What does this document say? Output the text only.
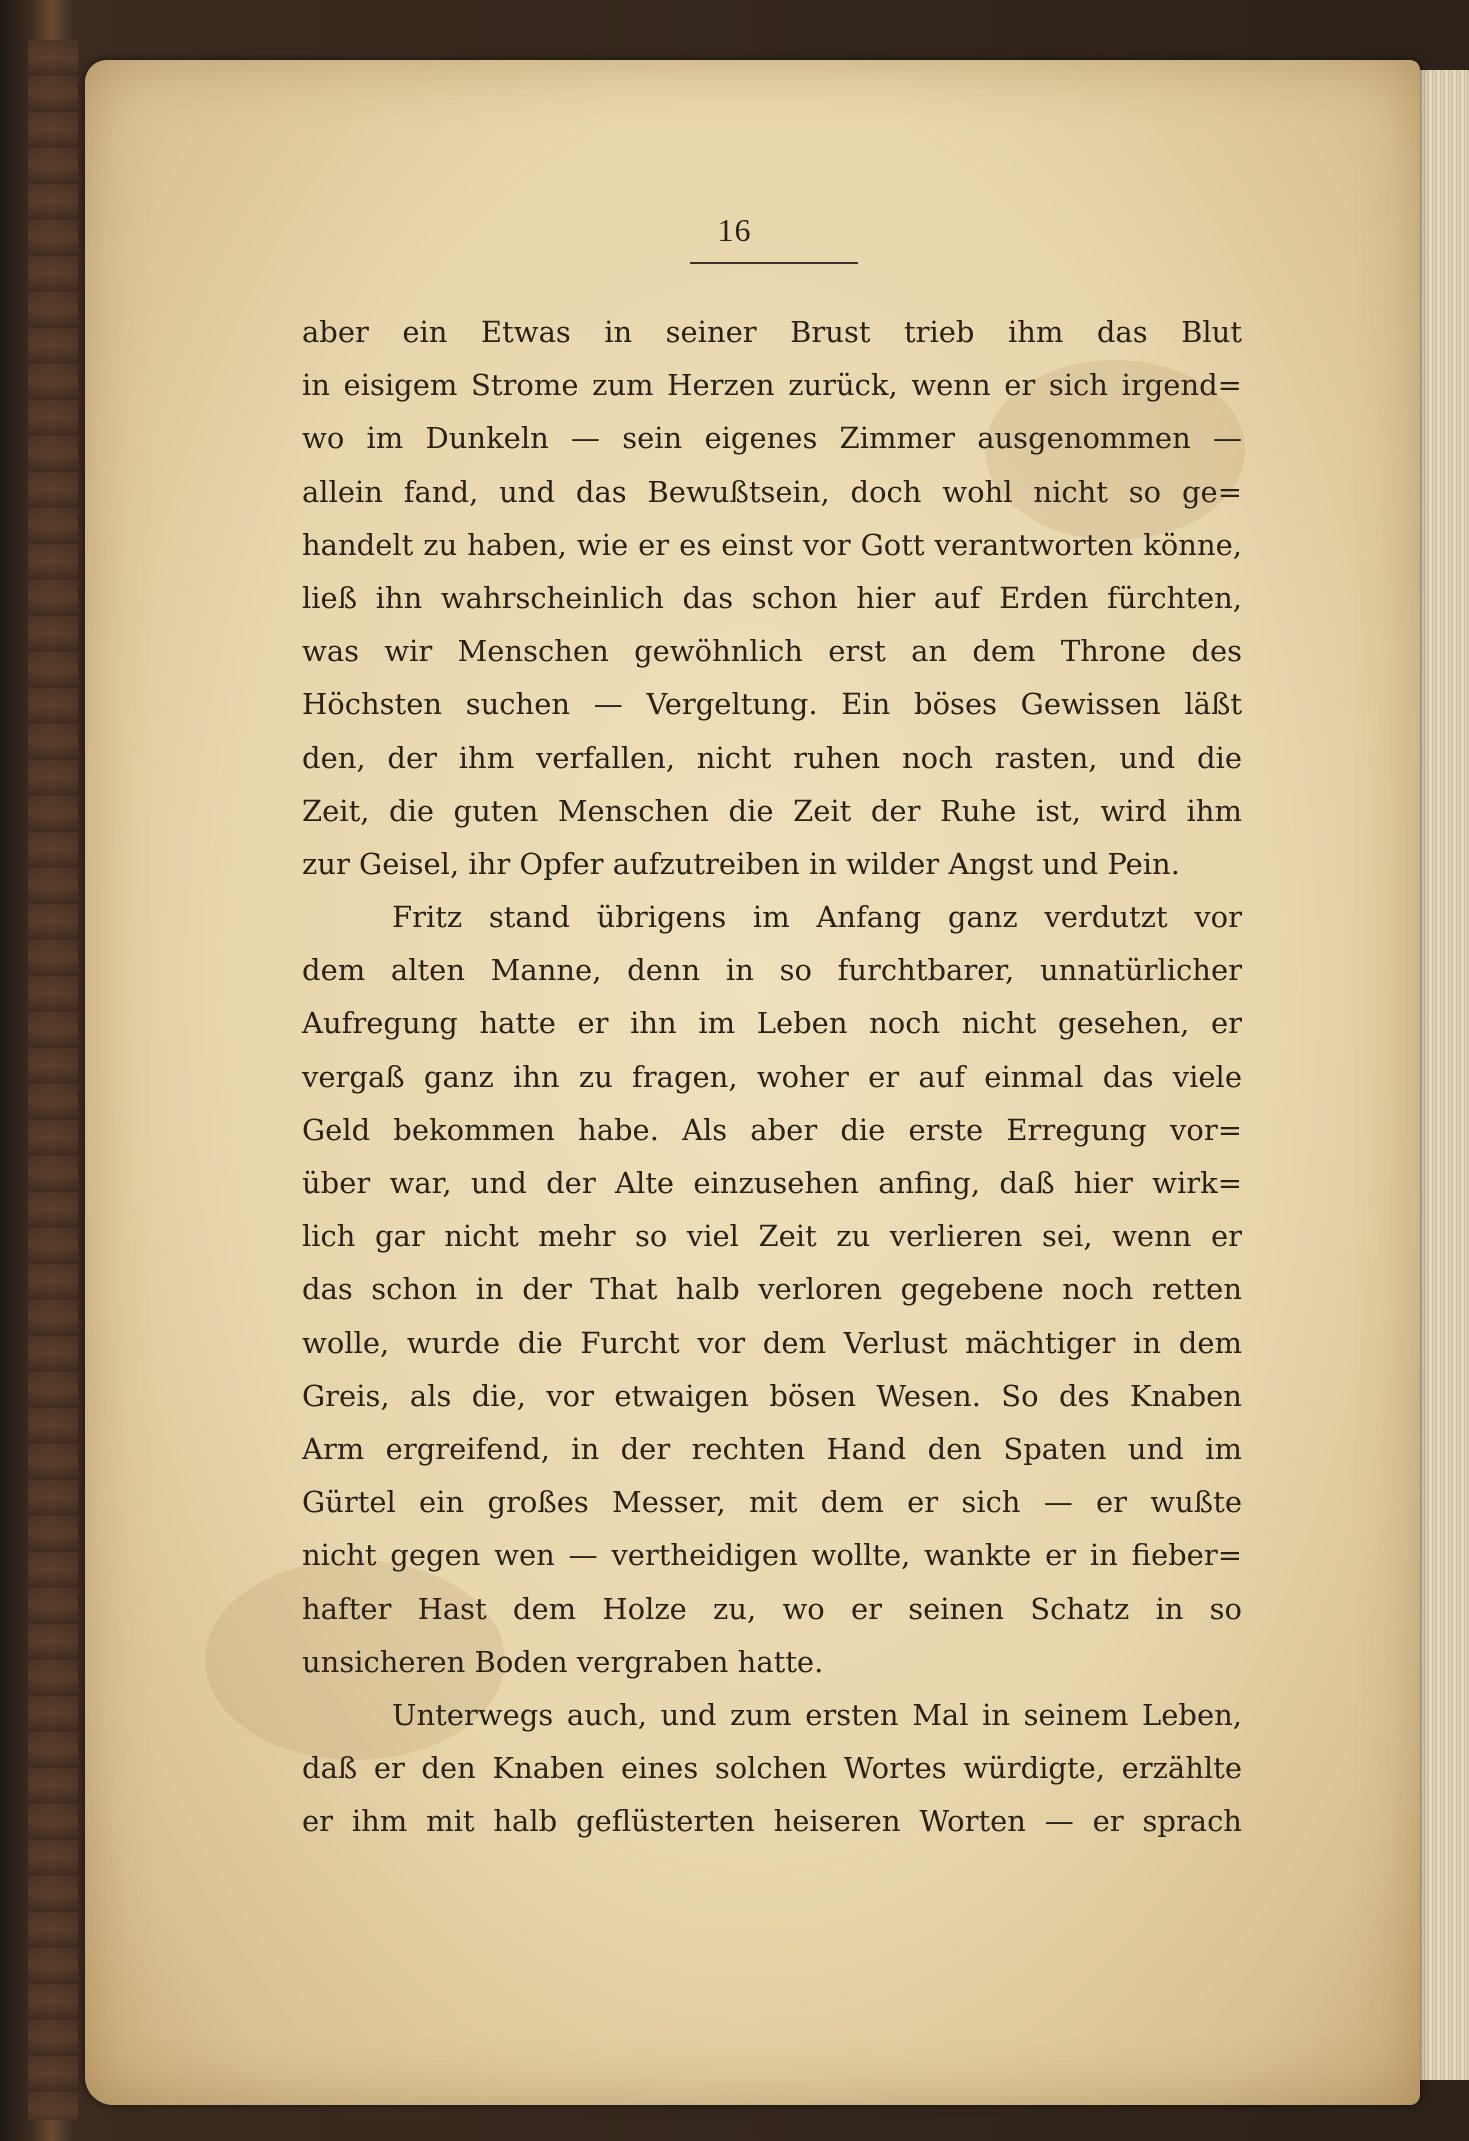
16
aber ein Etwas in seiner Brust trieb ihm das Blut
in eisigem Strome zum Herzen zurück, wenn er sich irgend=
wo im Dunkeln — sein eigenes Zimmer ausgenommen —
allein fand, und das Bewußtsein, doch wohl nicht so ge=
handelt zu haben, wie er es einst vor Gott verantworten könne,
ließ ihn wahrscheinlich das schon hier auf Erden fürchten,
was wir Menschen gewöhnlich erst an dem Throne des
Höchsten suchen — Vergeltung. Ein böses Gewissen läßt
den, der ihm verfallen, nicht ruhen noch rasten, und die
Zeit, die guten Menschen die Zeit der Ruhe ist, wird ihm
zur Geisel, ihr Opfer aufzutreiben in wilder Angst und Pein.
Fritz stand übrigens im Anfang ganz verdutzt vor
dem alten Manne, denn in so furchtbarer, unnatürlicher
Aufregung hatte er ihn im Leben noch nicht gesehen, er
vergaß ganz ihn zu fragen, woher er auf einmal das viele
Geld bekommen habe. Als aber die erste Erregung vor=
über war, und der Alte einzusehen anfing, daß hier wirk=
lich gar nicht mehr so viel Zeit zu verlieren sei, wenn er
das schon in der That halb verloren gegebene noch retten
wolle, wurde die Furcht vor dem Verlust mächtiger in dem
Greis, als die, vor etwaigen bösen Wesen. So des Knaben
Arm ergreifend, in der rechten Hand den Spaten und im
Gürtel ein großes Messer, mit dem er sich — er wußte
nicht gegen wen — vertheidigen wollte, wankte er in fieber=
hafter Hast dem Holze zu, wo er seinen Schatz in so
unsicheren Boden vergraben hatte.
Unterwegs auch, und zum ersten Mal in seinem Leben,
daß er den Knaben eines solchen Wortes würdigte, erzählte
er ihm mit halb geflüsterten heiseren Worten — er sprach
